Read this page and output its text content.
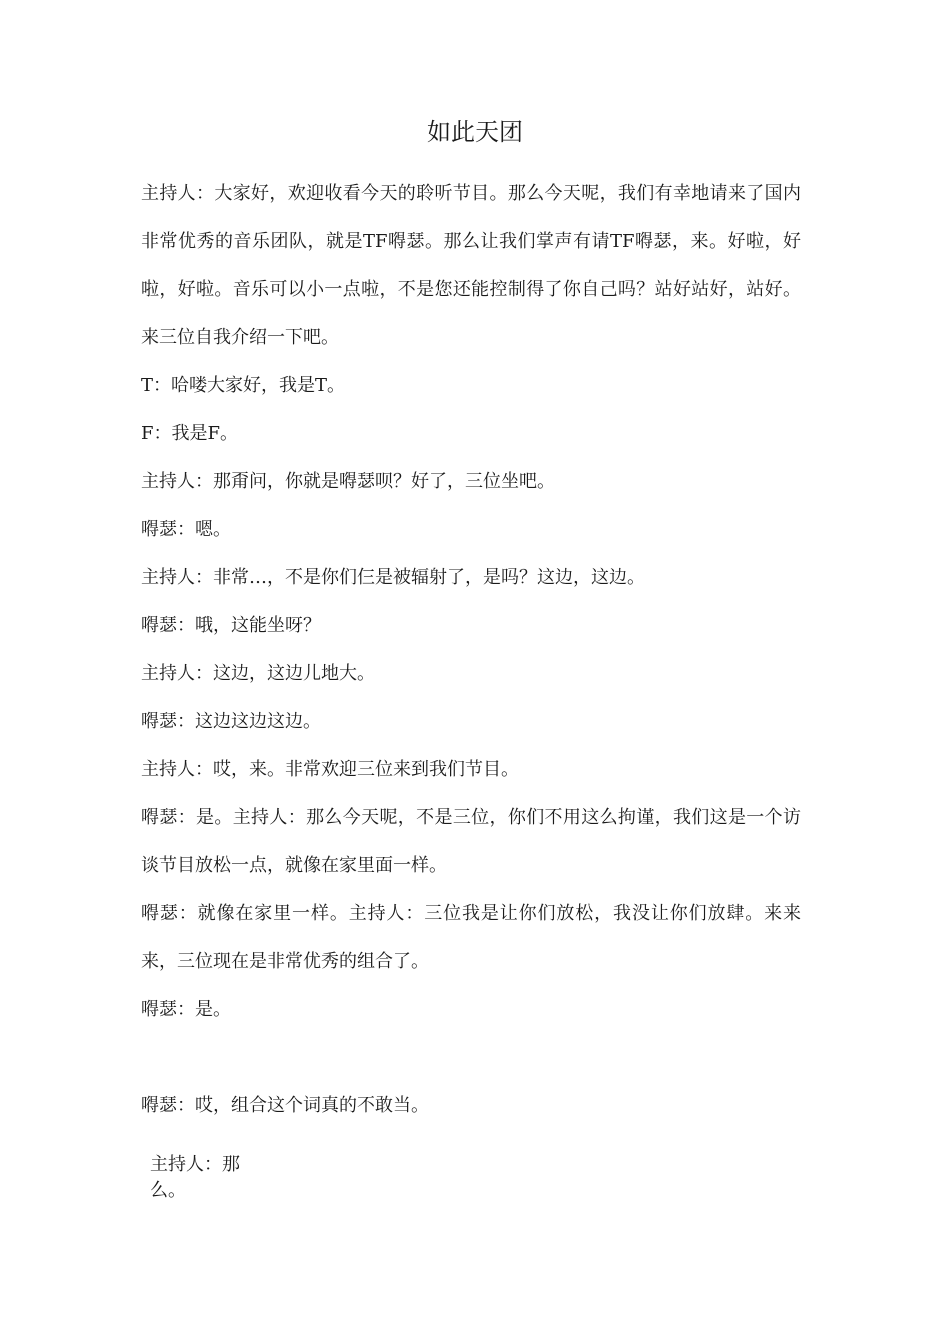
如此天团

主持人：大家好，欢迎收看今天的聆听节目。那么今天呢，我们有幸地请来了国内非常优秀的音乐团队，就是TF嘚瑟。那么让我们掌声有请TF嘚瑟，来。好啦，好啦，好啦。音乐可以小一点啦，不是您还能控制得了你自己吗？站好站好，站好。来三位自我介绍一下吧。

T：哈喽大家好，我是T。

F：我是F。

主持人：那甭问，你就是嘚瑟呗？好了，三位坐吧。

嘚瑟：嗯。

主持人：非常…，不是你们仨是被辐射了，是吗？这边，这边。

嘚瑟：哦，这能坐呀？

主持人：这边，这边儿地大。

嘚瑟：这边这边这边。

主持人：哎，来。非常欢迎三位来到我们节目。

嘚瑟：是。主持人：那么今天呢，不是三位，你们不用这么拘谨，我们这是一个访谈节目放松一点，就像在家里面一样。

嘚瑟：就像在家里一样。主持人：三位我是让你们放松，我没让你们放肆。来来来，三位现在是非常优秀的组合了。

嘚瑟：是。

嘚瑟：哎，组合这个词真的不敢当。

主持人：那么。
